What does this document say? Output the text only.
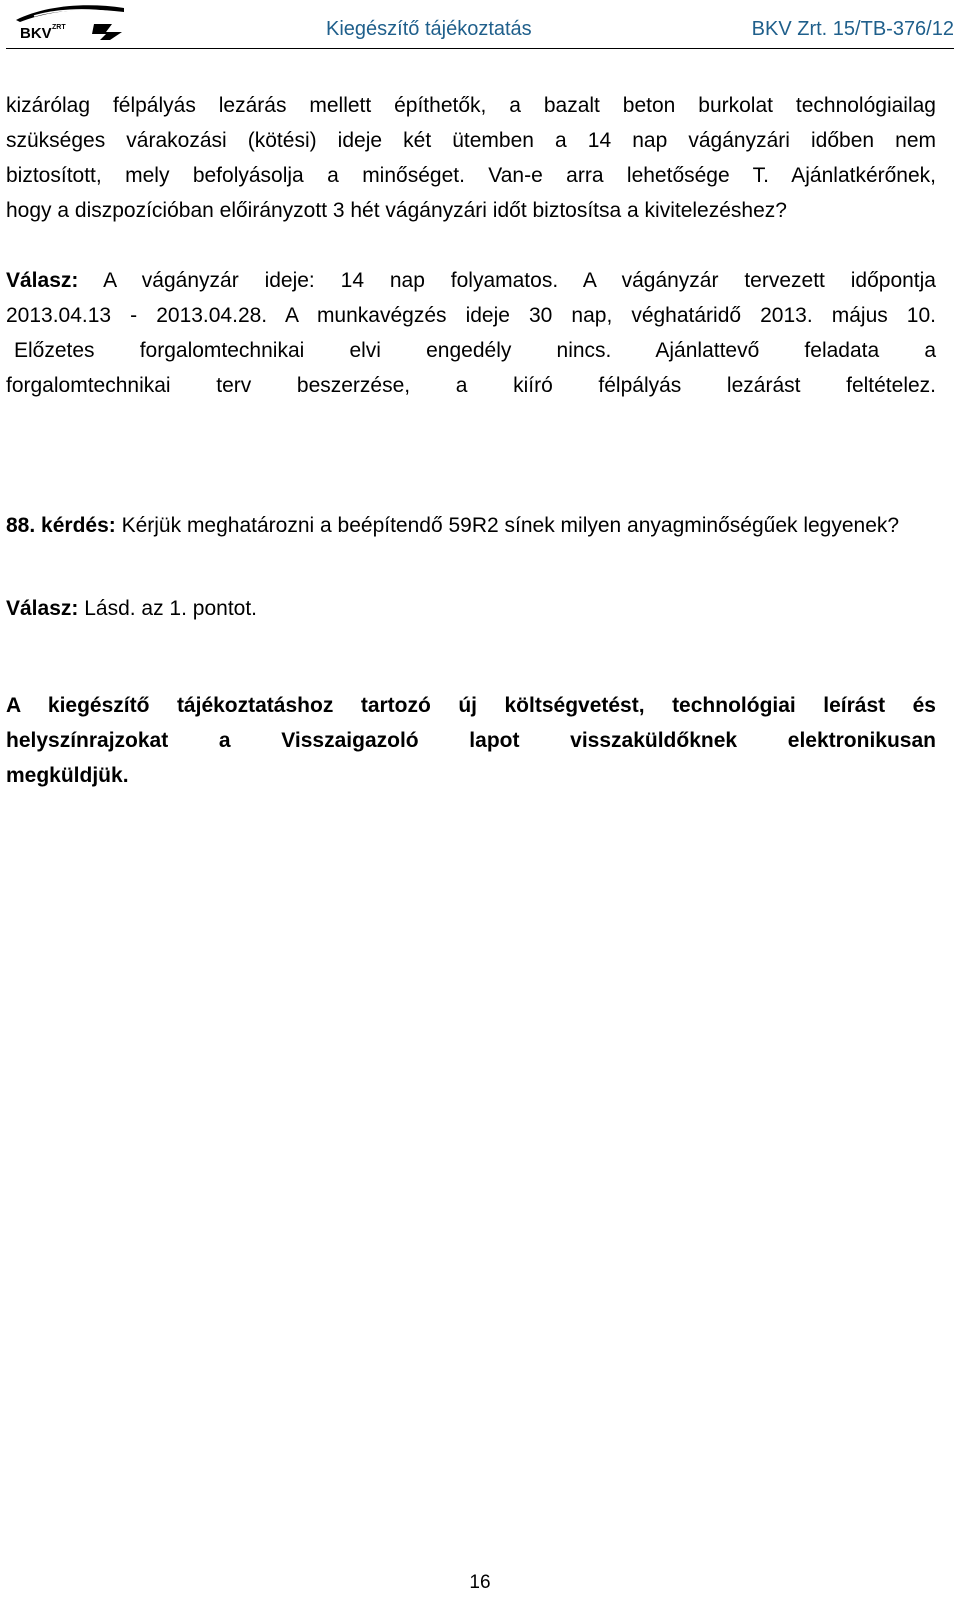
BKV ZRT	Kiegészítő tájékoztatás	BKV Zrt. 15/TB-376/12

kizárólag félpályás lezárás mellett építhetők, a bazalt beton burkolat technológiailag

szükséges várakozási (kötési) ideje két ütemben a 14 nap vágányzári időben nem

biztosított, mely befolyásolja a minőséget. Van-e arra lehetősége T. Ajánlatkérőnek,

hogy a diszpozícióban előirányzott 3 hét vágányzári időt biztosítsa a kivitelezéshez?

Válasz: A vágányzár ideje: 14 nap folyamatos. A vágányzár tervezett időpontja

2013.04.13 - 2013.04.28. A munkavégzés ideje 30 nap, véghatáridő 2013. május 10.

Előzetes forgalomtechnikai elvi engedély nincs. Ajánlattevő feladata a

forgalomtechnikai terv beszerzése, a kiíró félpályás lezárást feltételez.

88. kérdés: Kérjük meghatározni a beépítendő 59R2 sínek milyen anyagminőségűek legyenek?

Válasz: Lásd. az 1. pontot.

A kiegészítő tájékoztatáshoz tartozó új költségvetést, technológiai leírást és

helyszínrajzokat a Visszaigazoló lapot visszaküldőknek elektronikusan

megküldjük.

16
